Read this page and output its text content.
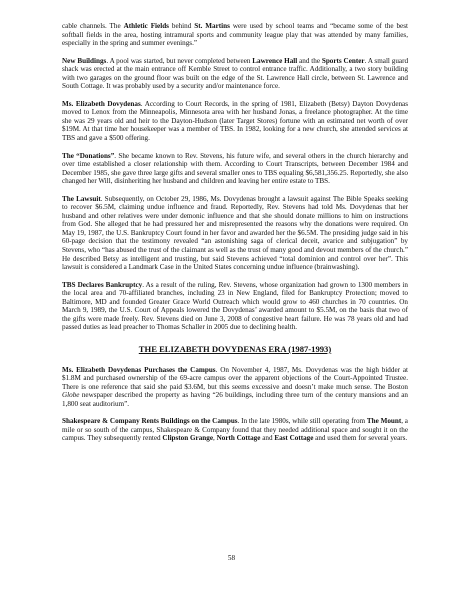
cable channels. The Athletic Fields behind St. Martins were used by school teams and “became some of the best softball fields in the area, hosting intramural sports and community league play that was attended by many families, especially in the spring and summer evenings.”

New Buildings. A pool was started, but never completed between Lawrence Hall and the Sports Center. A small guard shack was erected at the main entrance off Kemble Street to control entrance traffic. Additionally, a two story building with two garages on the ground floor was built on the edge of the St. Lawrence Hall circle, between St. Lawrence and South Cottage. It was probably used by a security and/or maintenance force.

Ms. Elizabeth Dovydenas. According to Court Records, in the spring of 1981, Elizabeth (Betsy) Dayton Dovydenas moved to Lenox from the Minneapolis, Minnesota area with her husband Jonas, a freelance photographer. At the time she was 29 years old and heir to the Dayton-Hudson (later Target Stores) fortune with an estimated net worth of over $19M. At that time her housekeeper was a member of TBS. In 1982, looking for a new church, she attended services at TBS and gave a $500 offering.

The “Donations”. She became known to Rev. Stevens, his future wife, and several others in the church hierarchy and over time established a closer relationship with them. According to Court Transcripts, between December 1984 and December 1985, she gave three large gifts and several smaller ones to TBS equaling $6,581,356.25. Reportedly, she also changed her Will, disinheriting her husband and children and leaving her entire estate to TBS.

The Lawsuit. Subsequently, on October 29, 1986, Ms. Dovydenas brought a lawsuit against The Bible Speaks seeking to recover $6.5M, claiming undue influence and fraud. Reportedly, Rev. Stevens had told Ms. Dovydenas that her husband and other relatives were under demonic influence and that she should donate millions to him on instructions from God. She alleged that he had pressured her and misrepresented the reasons why the donations were required. On May 19, 1987, the U.S. Bankruptcy Court found in her favor and awarded her the $6.5M. The presiding judge said in his 60-page decision that the testimony revealed “an astonishing saga of clerical deceit, avarice and subjugation” by Stevens, who “has abused the trust of the claimant as well as the trust of many good and devout members of the church.” He described Betsy as intelligent and trusting, but said Stevens achieved “total dominion and control over her”. This lawsuit is considered a Landmark Case in the United States concerning undue influence (brainwashing).

TBS Declares Bankruptcy. As a result of the ruling, Rev. Stevens, whose organization had grown to 1300 members in the local area and 70-affiliated branches, including 23 in New England, filed for Bankruptcy Protection; moved to Baltimore, MD and founded Greater Grace World Outreach which would grow to 460 churches in 70 countries. On March 9, 1989, the U.S. Court of Appeals lowered the Dovydenas’ awarded amount to $5.5M, on the basis that two of the gifts were made freely. Rev. Stevens died on June 3, 2008 of congestive heart failure. He was 78 years old and had passed duties as lead preacher to Thomas Schaller in 2005 due to declining health.

THE ELIZABETH DOVYDENAS ERA (1987-1993)

Ms. Elizabeth Dovydenas Purchases the Campus. On November 4, 1987, Ms. Dovydenas was the high bidder at $1.8M and purchased ownership of the 69-acre campus over the apparent objections of the Court-Appointed Trustee. There is one reference that said she paid $3.6M, but this seems excessive and doesn’t make much sense. The Boston Globe newspaper described the property as having “26 buildings, including three turn of the century mansions and an 1,800 seat auditorium”.

Shakespeare & Company Rents Buildings on the Campus. In the late 1980s, while still operating from The Mount, a mile or so south of the campus, Shakespeare & Company found that they needed additional space and sought it on the campus. They subsequently rented Clipston Grange, North Cottage and East Cottage and used them for several years.

58
